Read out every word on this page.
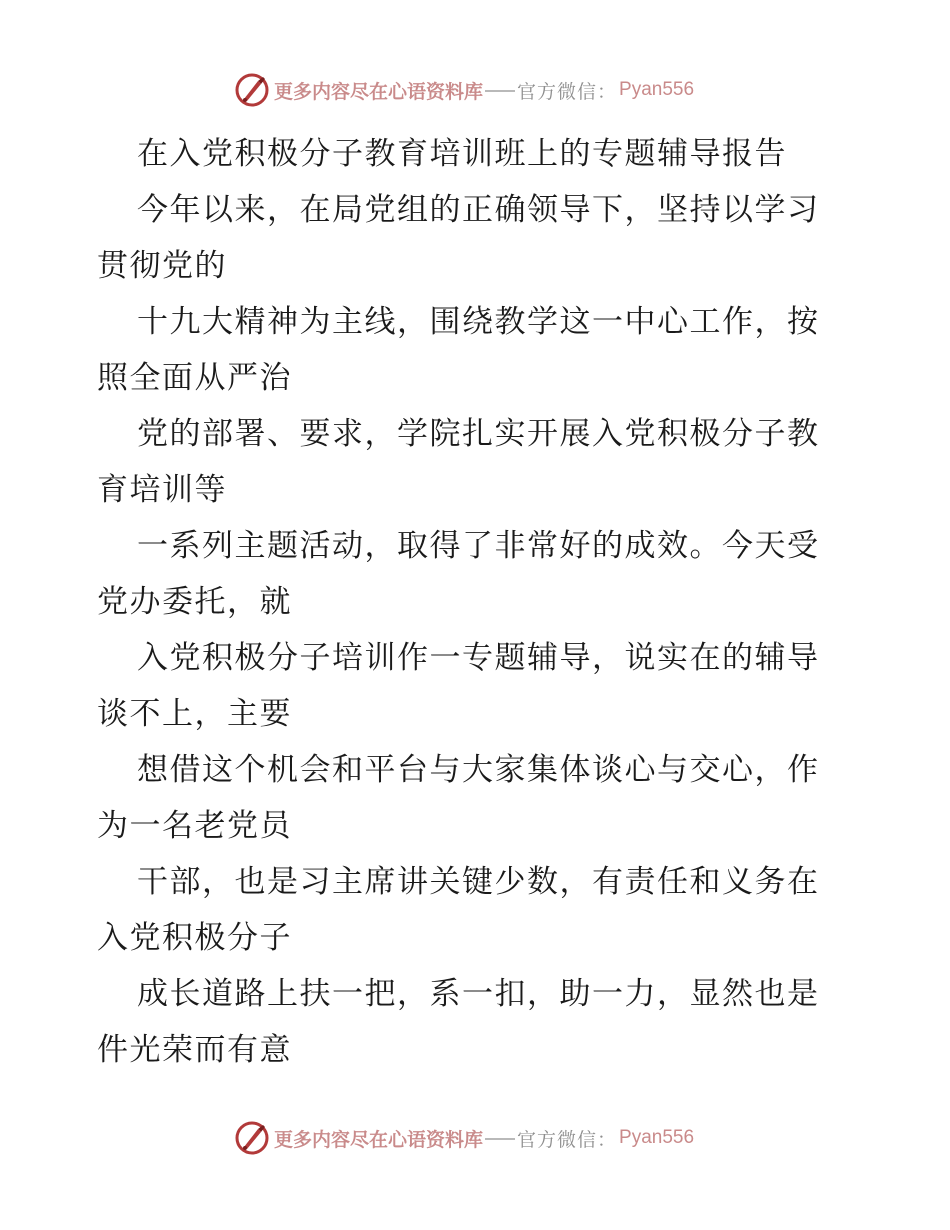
更多内容尽在心语资料库 官方微信： Pyan556
在入党积极分子教育培训班上的专题辅导报告
今年以来，在局党组的正确领导下，坚持以学习
贯彻党的
十九大精神为主线，围绕教学这一中心工作，按
照全面从严治
党的部署、要求，学院扎实开展入党积极分子教
育培训等
一系列主题活动，取得了非常好的成效。今天受
党办委托，就
入党积极分子培训作一专题辅导，说实在的辅导
谈不上，主要
想借这个机会和平台与大家集体谈心与交心，作
为一名老党员
干部，也是习主席讲关键少数，有责任和义务在
入党积极分子
成长道路上扶一把，系一扣，助一力，显然也是
件光荣而有意
更多内容尽在心语资料库 官方微信： Pyan556
